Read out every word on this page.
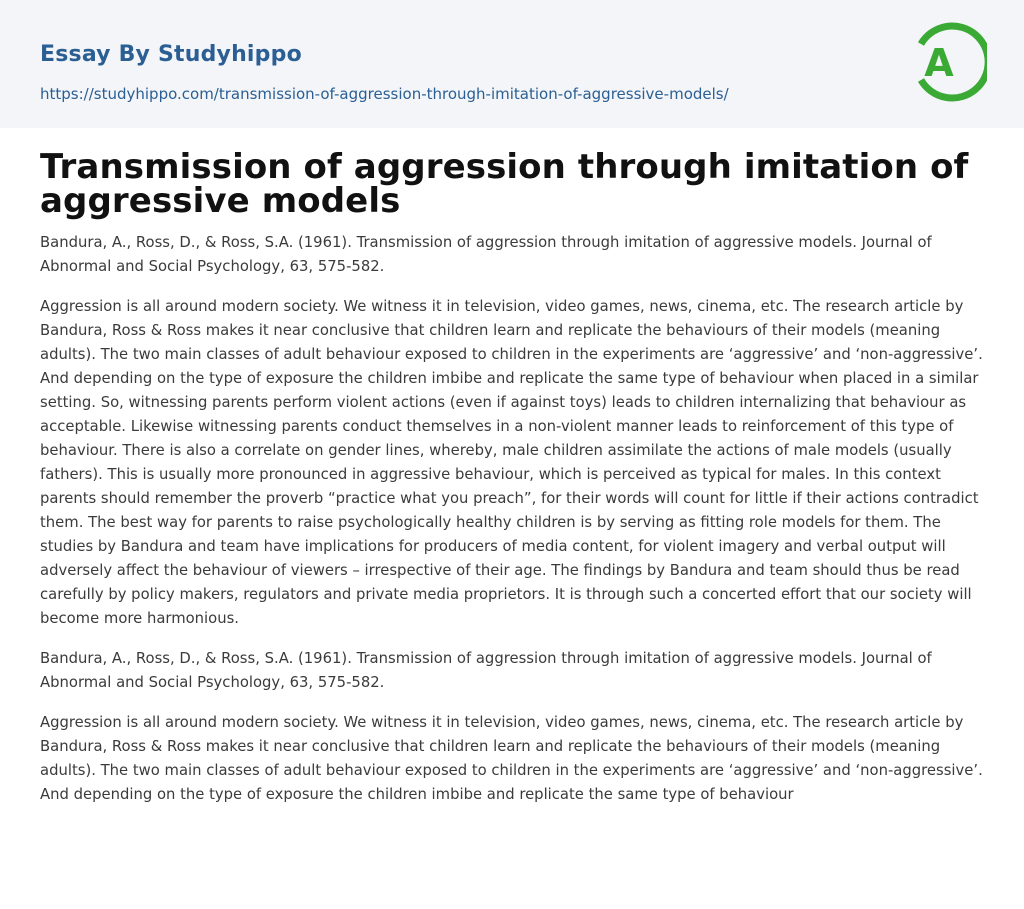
Essay By Studyhippo
https://studyhippo.com/transmission-of-aggression-through-imitation-of-aggressive-models/
A
Transmission of aggression through imitation of aggressive models

Bandura, A., Ross, D., & Ross, S.A. (1961). Transmission of aggression through imitation of aggressive models. Journal of Abnormal and Social Psychology, 63, 575-582.

Aggression is all around modern society. We witness it in television, video games, news, cinema, etc. The research article by Bandura, Ross & Ross makes it near conclusive that children learn and replicate the behaviours of their models (meaning adults). The two main classes of adult behaviour exposed to children in the experiments are ‘aggressive’ and ‘non-aggressive’. And depending on the type of exposure the children imbibe and replicate the same type of behaviour when placed in a similar setting. So, witnessing parents perform violent actions (even if against toys) leads to children internalizing that behaviour as acceptable. Likewise witnessing parents conduct themselves in a non-violent manner leads to reinforcement of this type of behaviour. There is also a correlate on gender lines, whereby, male children assimilate the actions of male models (usually fathers). This is usually more pronounced in aggressive behaviour, which is perceived as typical for males. In this context parents should remember the proverb “practice what you preach”, for their words will count for little if their actions contradict them. The best way for parents to raise psychologically healthy children is by serving as fitting role models for them. The studies by Bandura and team have implications for producers of media content, for violent imagery and verbal output will adversely affect the behaviour of viewers – irrespective of their age. The findings by Bandura and team should thus be read carefully by policy makers, regulators and private media proprietors. It is through such a concerted effort that our society will become more harmonious.

Bandura, A., Ross, D., & Ross, S.A. (1961). Transmission of aggression through imitation of aggressive models. Journal of Abnormal and Social Psychology, 63, 575-582.

Aggression is all around modern society. We witness it in television, video games, news, cinema, etc. The research article by Bandura, Ross & Ross makes it near conclusive that children learn and replicate the behaviours of their models (meaning adults). The two main classes of adult behaviour exposed to children in the experiments are ‘aggressive’ and ‘non-aggressive’. And depending on the type of exposure the children imbibe and replicate the same type of behaviour
